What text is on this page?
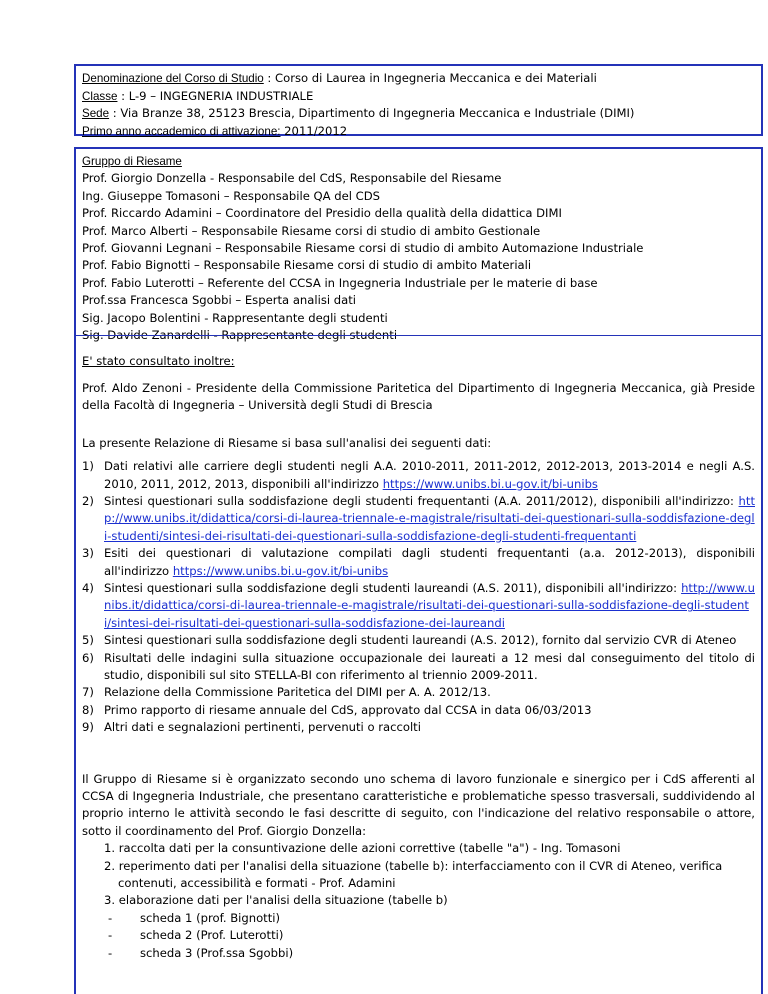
Denominazione del Corso di Studio : Corso di Laurea in Ingegneria Meccanica e dei Materiali
Classe : L-9 – INGEGNERIA INDUSTRIALE
Sede : Via Branze 38, 25123 Brescia, Dipartimento di Ingegneria Meccanica e Industriale (DIMI)
Primo anno accademico di attivazione: 2011/2012
Gruppo di Riesame
Prof. Giorgio Donzella - Responsabile del CdS, Responsabile del Riesame
Ing. Giuseppe Tomasoni – Responsabile QA del CDS
Prof. Riccardo Adamini – Coordinatore del Presidio della qualità della didattica DIMI
Prof. Marco Alberti – Responsabile Riesame corsi di studio di ambito Gestionale
Prof. Giovanni Legnani – Responsabile Riesame corsi di studio di ambito Automazione Industriale
Prof. Fabio Bignotti – Responsabile Riesame corsi di studio di ambito Materiali
Prof. Fabio Luterotti – Referente del CCSA in Ingegneria Industriale per le materie di base
Prof.ssa Francesca Sgobbi – Esperta analisi dati
Sig. Jacopo Bolentini - Rappresentante degli studenti
Sig. Davide Zanardelli - Rappresentante degli studenti
E' stato consultato inoltre:
Prof. Aldo Zenoni - Presidente della Commissione Paritetica del Dipartimento di Ingegneria Meccanica, già Preside della Facoltà di Ingegneria – Università degli Studi di Brescia
La presente Relazione di Riesame si basa sull'analisi dei seguenti dati:
1) Dati relativi alle carriere degli studenti negli A.A. 2010-2011, 2011-2012, 2012-2013, 2013-2014 e negli A.S. 2010, 2011, 2012, 2013, disponibili all'indirizzo https://www.unibs.bi.u-gov.it/bi-unibs
2) Sintesi questionari sulla soddisfazione degli studenti frequentanti (A.A. 2011/2012), disponibili all'indirizzo: http://www.unibs.it/didattica/corsi-di-laurea-triennale-e-magistrale/risultati-dei-questionari-sulla-soddisfazione-degli-studenti/sintesi-dei-risultati-dei-questionari-sulla-soddisfazione-degli-studenti-frequentanti
3) Esiti dei questionari di valutazione compilati dagli studenti frequentanti (a.a. 2012-2013), disponibili all'indirizzo https://www.unibs.bi.u-gov.it/bi-unibs
4) Sintesi questionari sulla soddisfazione degli studenti laureandi (A.S. 2011), disponibili all'indirizzo: http://www.unibs.it/didattica/corsi-di-laurea-triennale-e-magistrale/risultati-dei-questionari-sulla-soddisfazione-degli-studenti/sintesi-dei-risultati-dei-questionari-sulla-soddisfazione-dei-laureandi
5) Sintesi questionari sulla soddisfazione degli studenti laureandi (A.S. 2012), fornito dal servizio CVR di Ateneo
6) Risultati delle indagini sulla situazione occupazionale dei laureati a 12 mesi dal conseguimento del titolo di studio, disponibili sul sito STELLA-BI con riferimento al triennio 2009-2011.
7) Relazione della Commissione Paritetica del DIMI per A. A. 2012/13.
8) Primo rapporto di riesame annuale del CdS, approvato dal CCSA in data 06/03/2013
9) Altri dati e segnalazioni pertinenti, pervenuti o raccolti
Il Gruppo di Riesame si è organizzato secondo uno schema di lavoro funzionale e sinergico per i CdS afferenti al CCSA di Ingegneria Industriale, che presentano caratteristiche e problematiche spesso trasversali, suddividendo al proprio interno le attività secondo le fasi descritte di seguito, con l'indicazione del relativo responsabile o attore, sotto il coordinamento del Prof. Giorgio Donzella:
1. raccolta dati per la consuntivazione delle azioni correttive (tabelle "a") - Ing. Tomasoni
2. reperimento dati per l'analisi della situazione (tabelle b): interfacciamento con il CVR di Ateneo, verifica contenuti, accessibilità e formati - Prof. Adamini
3. elaborazione dati per l'analisi della situazione (tabelle b)
- scheda 1 (prof. Bignotti)
- scheda 2 (Prof. Luterotti)
- scheda 3 (Prof.ssa Sgobbi)
